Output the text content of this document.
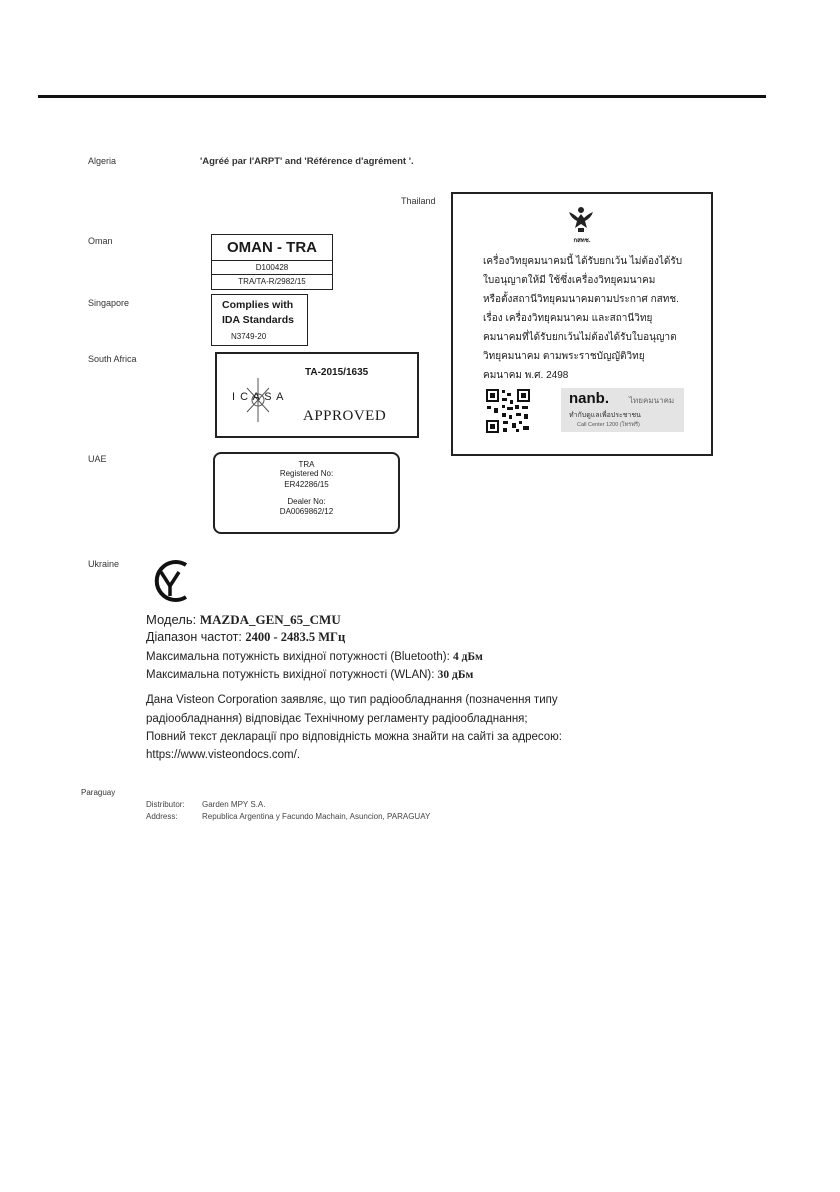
Algeria	'Agréé par l'ARPT' and 'Référence d'agrément '.
Thailand
กสทช.
เครื่องวิทยุคมนาคมนี้ ได้รับยกเว้น ไม่ต้องได้รับ
ใบอนุญาตให้มี ใช้ซึ่งเครื่องวิทยุคมนาคม
หรือตั้งสถานีวิทยุคมนาคมตามประกาศ กสทช.
เรื่อง เครื่องวิทยุคมนาคม และสถานีวิทยุ
คมนาคมที่ได้รับยกเว้นไม่ต้องได้รับใบอนุญาต
วิทยุคมนาคม ตามพระราชบัญญัติวิทยุ
คมนาคม พ.ศ. 2498
nanb.	ไทยคมนาคม
ทำกับดูแลเพื่อประชาชน
Call Center 1200 (โทรฟรี)
Oman	OMAN - TRA
D100428
TRA/TA-R/2982/15
Singapore	Complies with
IDA Standards
N3749-20
South Africa
TA-2015/1635
I C A S A
APPROVED
UAE
TRA
Registered No:
ER42286/15
Dealer No:
DA0069862/12
Ukraine
Модель: MAZDA_GEN_65_CMU
Діапазон частот: 2400 - 2483.5 МГц
Максимальна потужність вихідної потужності (Bluetooth): 4 дБм
Максимальна потужність вихідної потужності (WLAN): 30 дБм
Дана Visteon Corporation заявляє, що тип радіообладнання (позначення типу
радіообладнання) відповідає Технічному регламенту радіообладнання;
Повний текст декларації про відповідність можна знайти на сайті за адресою:
https://www.visteondocs.com/.
Paraguay
Distributor: Garden MPY S.A.
Address:	Republica Argentina y Facundo Machain, Asuncion, PARAGUAY
